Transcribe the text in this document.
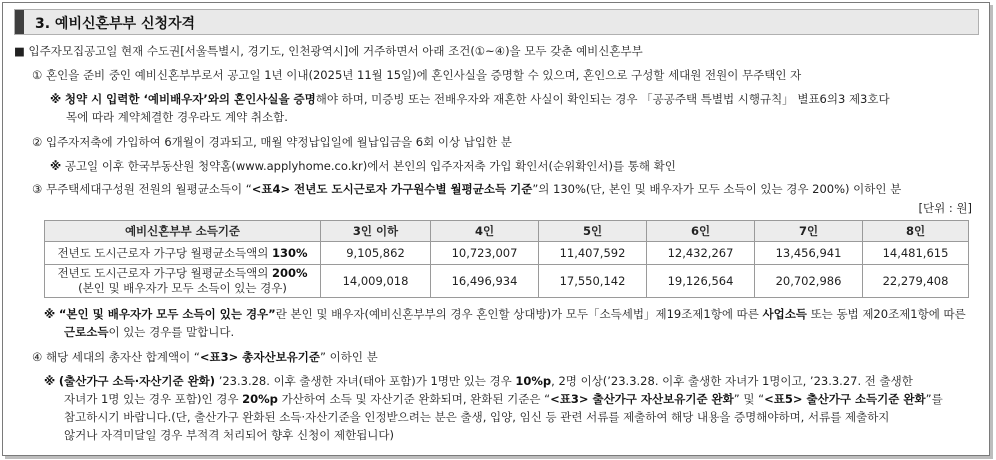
3. 예비신혼부부 신청자격
■ 입주자모집공고일 현재 수도권[서울특별시, 경기도, 인천광역시]에 거주하면서 아래 조건(①~④)을 모두 갖춘 예비신혼부부
① 혼인을 준비 중인 예비신혼부부로서 공고일 1년 이내(2025년 11월 15일)에 혼인사실을 증명할 수 있으며, 혼인으로 구성할 세대원 전원이 무주택인 자
※ 청약 시 입력한 ‘예비배우자’와의 혼인사실을 증명해야 하며, 미증빙 또는 전배우자와 재혼한 사실이 확인되는 경우 「공공주택 특별법 시행규칙」 별표6의3 제3호다
목에 따라 계약체결한 경우라도 계약 취소함.
② 입주자저축에 가입하여 6개월이 경과되고, 매월 약정납입일에 월납입금을 6회 이상 납입한 분
※ 공고일 이후 한국부동산원 청약홈(www.applyhome.co.kr)에서 본인의 입주자저축 가입 확인서(순위확인서)를 통해 확인
③ 무주택세대구성원 전원의 월평균소득이 “<표4> 전년도 도시근로자 가구원수별 월평균소득 기준”의 130%(단, 본인 및 배우자가 모두 소득이 있는 경우 200%) 이하인 분
[단위 : 원]
예비신혼부부 소득기준	3인 이하	4인	5인	6인	7인	8인
전년도 도시근로자 가구당 월평균소득액의 130%	9,105,862	10,723,007	11,407,592	12,432,267	13,456,941	14,481,615
전년도 도시근로자 가구당 월평균소득액의 200%
(본인 및 배우자가 모두 소득이 있는 경우)	14,009,018	16,496,934	17,550,142	19,126,564	20,702,986	22,279,408
※ “본인 및 배우자가 모두 소득이 있는 경우”란 본인 및 배우자(예비신혼부부의 경우 혼인할 상대방)가 모두「소득세법」제19조제1항에 따른 사업소득 또는 동법 제20조제1항에 따른
근로소득이 있는 경우를 말합니다.
④ 해당 세대의 총자산 합계액이 “<표3> 총자산보유기준” 이하인 분
※ (출산가구 소득·자산기준 완화) ’23.3.28. 이후 출생한 자녀(태아 포함)가 1명만 있는 경우 10%p, 2명 이상(’23.3.28. 이후 출생한 자녀가 1명이고, ’23.3.27. 전 출생한
자녀가 1명 있는 경우 포함)인 경우 20%p 가산하여 소득 및 자산기준 완화되며, 완화된 기준은 “<표3> 출산가구 자산보유기준 완화” 및 “<표5> 출산가구 소득기준 완화”를
참고하시기 바랍니다.(단, 출산가구 완화된 소득·자산기준을 인정받으려는 분은 출생, 입양, 임신 등 관련 서류를 제출하여 해당 내용을 증명해야하며, 서류를 제출하지
않거나 자격미달일 경우 부적격 처리되어 향후 신청이 제한됩니다)
